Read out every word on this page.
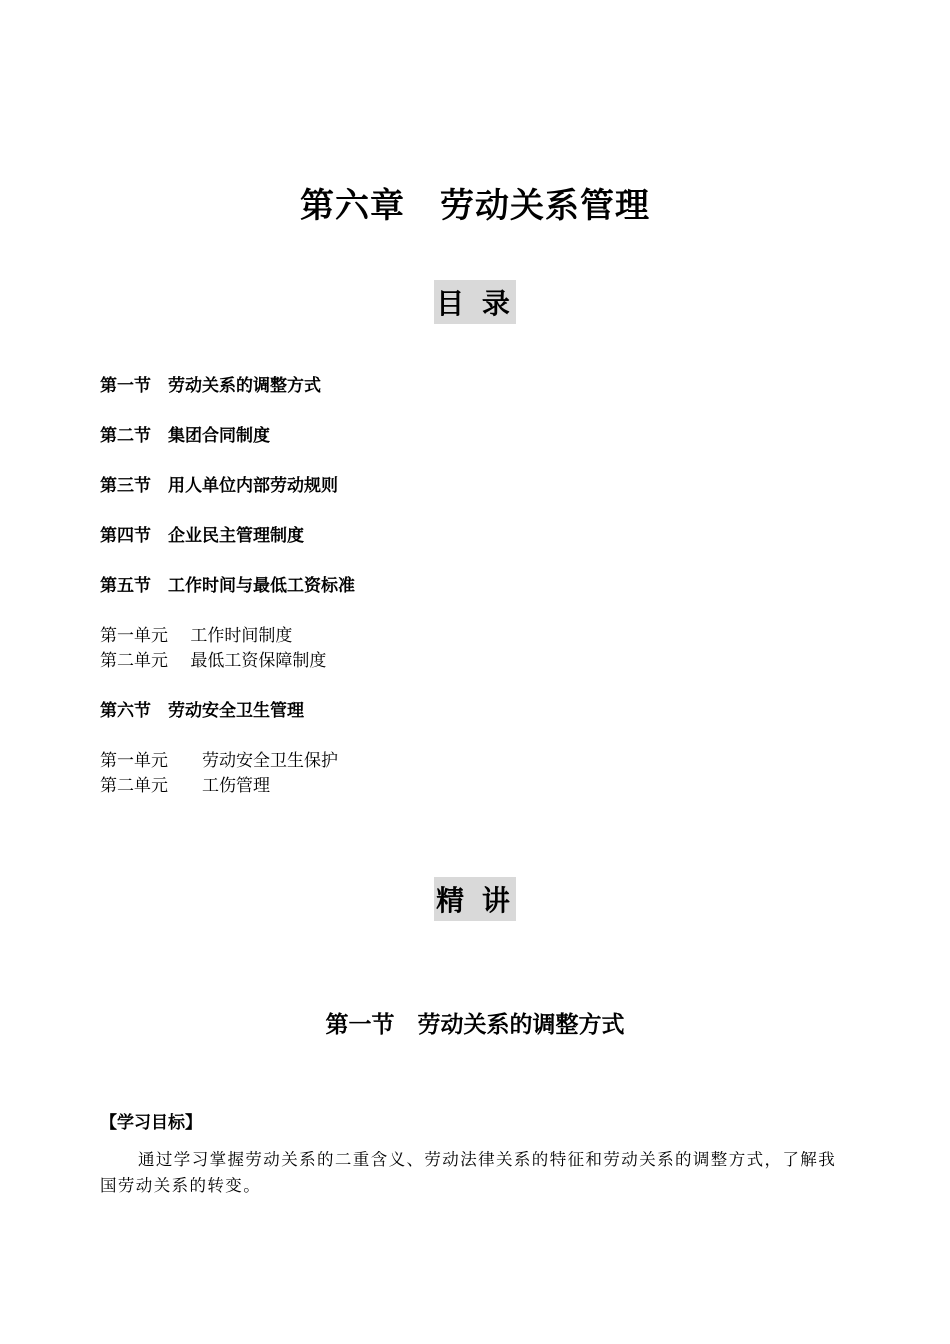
第六章　劳动关系管理
目 录
第一节　劳动关系的调整方式
第二节　集团合同制度
第三节　用人单位内部劳动规则
第四节　企业民主管理制度
第五节　工作时间与最低工资标准
第一单元　 工作时间制度
第二单元　 最低工资保障制度
第六节　劳动安全卫生管理
第一单元　　劳动安全卫生保护
第二单元　　工伤管理
精 讲
第一节　劳动关系的调整方式
【学习目标】
通过学习掌握劳动关系的二重含义、劳动法律关系的特征和劳动关系的调整方式，了解我国劳动关系的转变。
